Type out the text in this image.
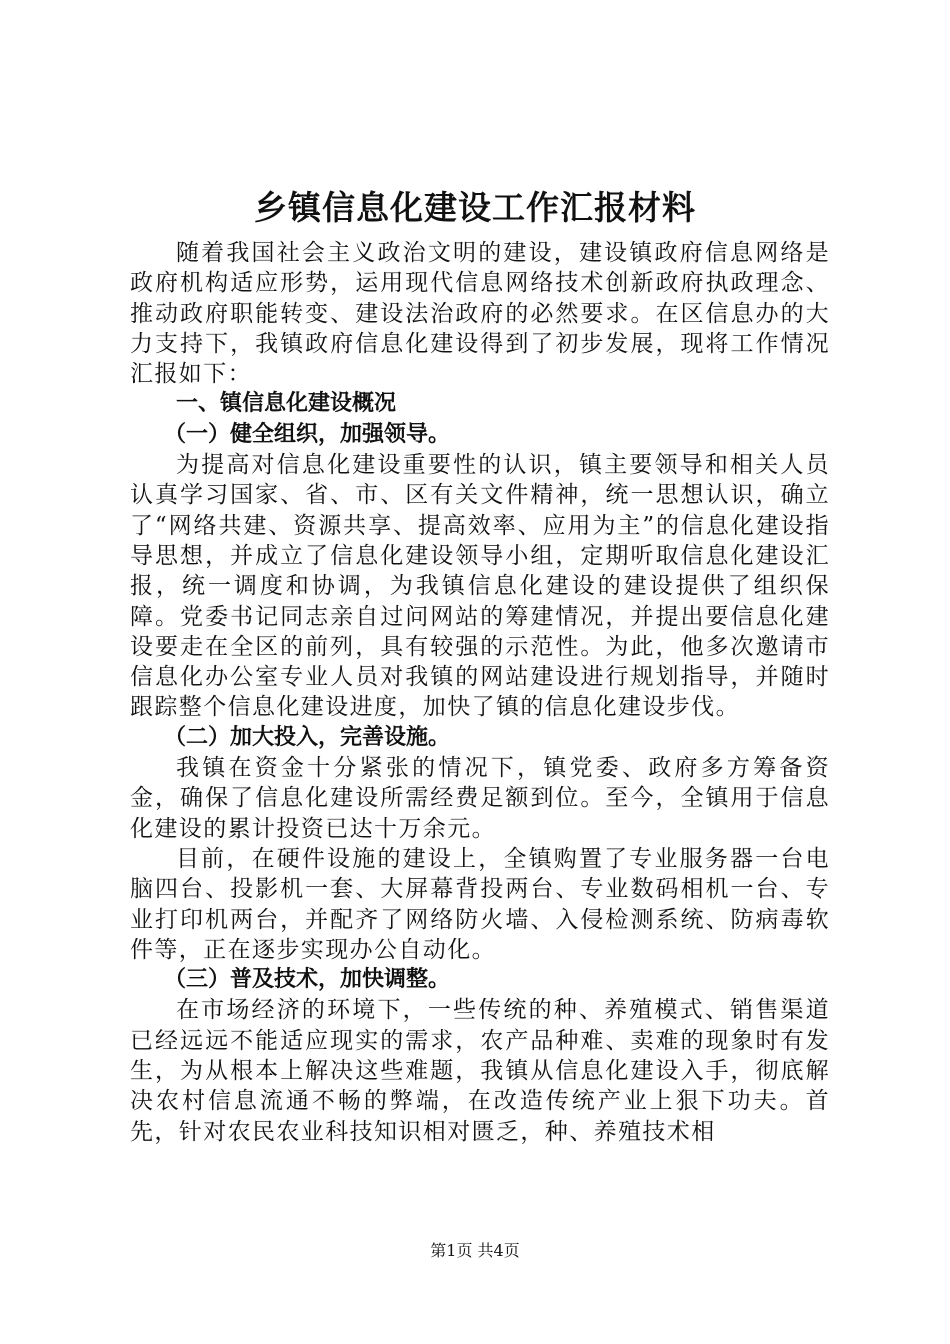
乡镇信息化建设工作汇报材料

随着我国社会主义政治文明的建设，建设镇政府信息网络是政府机构适应形势，运用现代信息网络技术创新政府执政理念、推动政府职能转变、建设法治政府的必然要求。在区信息办的大力支持下，我镇政府信息化建设得到了初步发展，现将工作情况汇报如下：

一、镇信息化建设概况

（一）健全组织，加强领导。

为提高对信息化建设重要性的认识，镇主要领导和相关人员认真学习国家、省、市、区有关文件精神，统一思想认识，确立了“网络共建、资源共享、提高效率、应用为主”的信息化建设指导思想，并成立了信息化建设领导小组，定期听取信息化建设汇报，统一调度和协调，为我镇信息化建设的建设提供了组织保障。党委书记同志亲自过问网站的筹建情况，并提出要信息化建设要走在全区的前列，具有较强的示范性。为此，他多次邀请市信息化办公室专业人员对我镇的网站建设进行规划指导，并随时跟踪整个信息化建设进度，加快了镇的信息化建设步伐。

（二）加大投入，完善设施。

我镇在资金十分紧张的情况下，镇党委、政府多方筹备资金，确保了信息化建设所需经费足额到位。至今，全镇用于信息化建设的累计投资已达十万余元。

目前，在硬件设施的建设上，全镇购置了专业服务器一台电脑四台、投影机一套、大屏幕背投两台、专业数码相机一台、专业打印机两台，并配齐了网络防火墙、入侵检测系统、防病毒软件等，正在逐步实现办公自动化。

（三）普及技术，加快调整。

在市场经济的环境下，一些传统的种、养殖模式、销售渠道已经远远不能适应现实的需求，农产品种难、卖难的现象时有发生，为从根本上解决这些难题，我镇从信息化建设入手，彻底解决农村信息流通不畅的弊端，在改造传统产业上狠下功夫。首先，针对农民农业科技知识相对匮乏，种、养殖技术相

第1页 共4页
